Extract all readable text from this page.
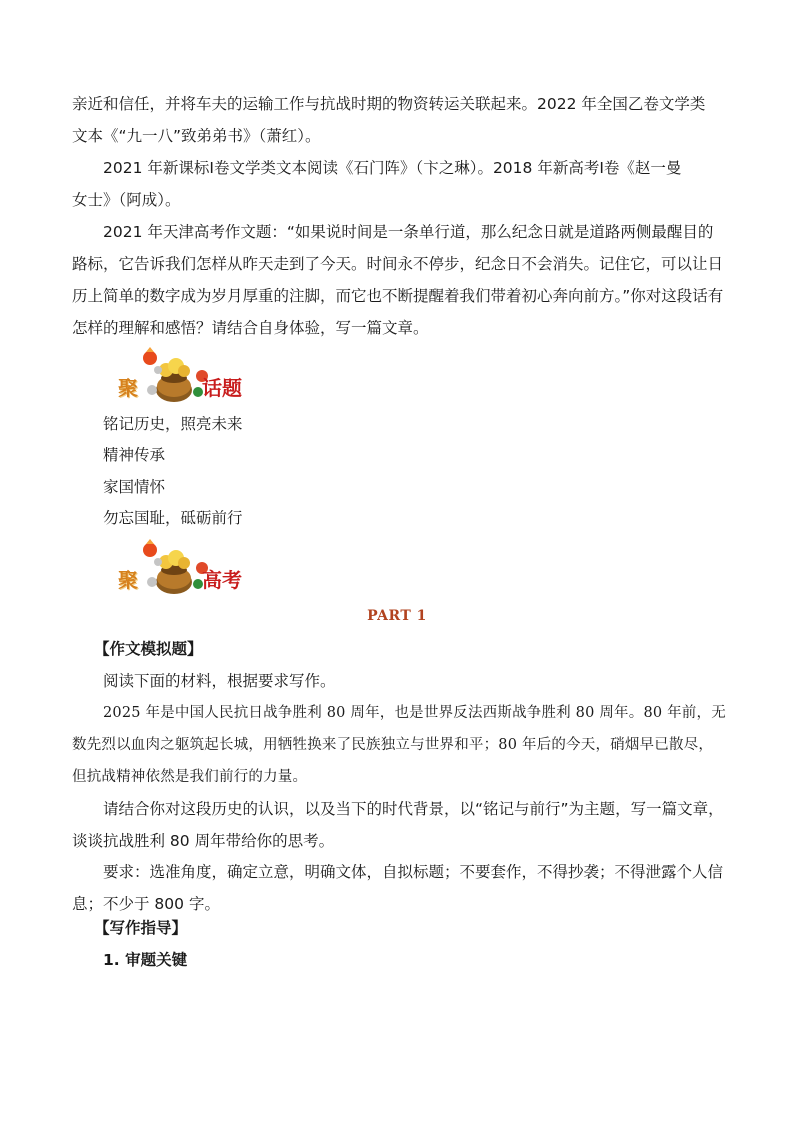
亲近和信任，并将车夫的运输工作与抗战时期的物资转运关联起来。2022 年全国乙卷文学类
文本《“九一八”致弟弟书》（萧红）。
2021 年新课标Ⅰ卷文学类文本阅读《石门阵》（卞之琳）。2018 年新高考Ⅰ卷《赵一曼
女士》（阿成）。

2021 年天津高考作文题：“如果说时间是一条单行道，那么纪念日就是道路两侧最醒目的路标，它告诉我们怎样从昨天走到了今天。时间永不停步，纪念日不会消失。记住它，可以让日历上简单的数字成为岁月厚重的注脚，而它也不断提醒着我们带着初心奔向前方。”你对这段话有怎样的理解和感悟？请结合自身体验，写一篇文章。

聚	话题
铭记历史，照亮未来
精神传承
家国情怀
勿忘国耻，砥砺前行
聚	高考
PART 1
【作文模拟题】
阅读下面的材料，根据要求写作。

2025 年是中国人民抗日战争胜利 80 周年，也是世界反法西斯战争胜利 80 周年。80 年前，无数先烈以血肉之躯筑起长城，用牺牲换来了民族独立与世界和平；80 年后的今天，硝烟早已散尽，但抗战精神依然是我们前行的力量。

请结合你对这段历史的认识，以及当下的时代背景，以“铭记与前行”为主题，写一篇文章，谈谈抗战胜利 80 周年带给你的思考。

要求：选准角度，确定立意，明确文体，自拟标题；不要套作，不得抄袭；不得泄露个人信息；不少于 800 字。

【写作指导】
1. 审题关键
